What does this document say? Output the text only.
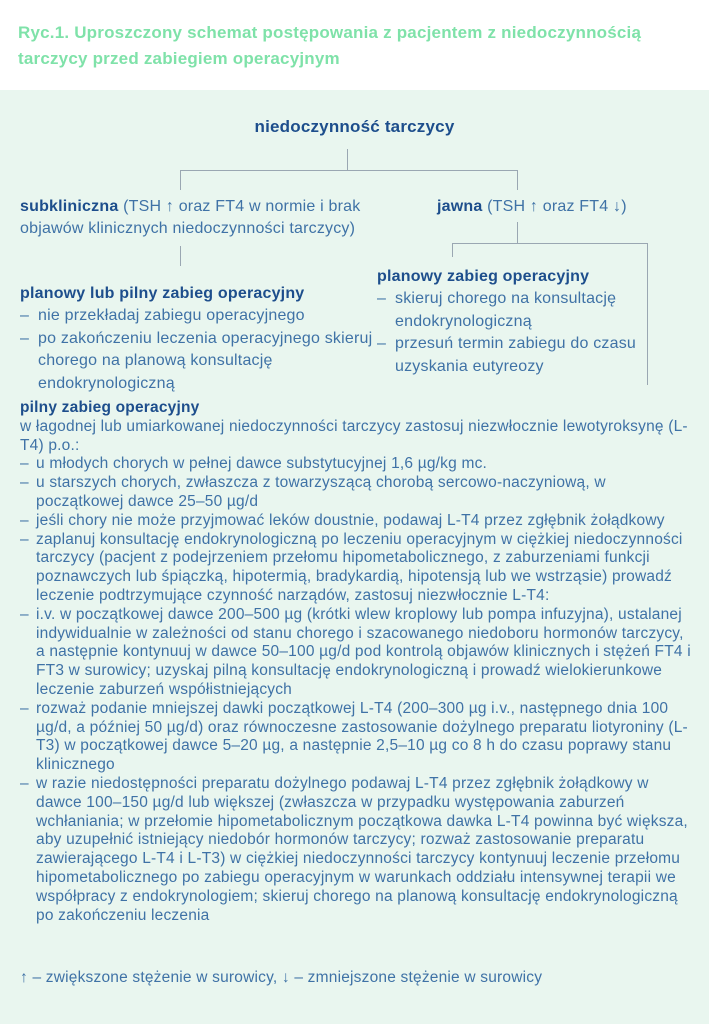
Ryc.1. Uproszczony schemat postępowania z pacjentem z niedoczynnością tarczycy przed zabiegiem operacyjnym
niedoczynność tarczycy
subkliniczna (TSH ↑ oraz FT4 w normie i brak objawów klinicznych niedoczynności tarczycy)
jawna (TSH ↑ oraz FT4 ↓)
planowy lub pilny zabieg operacyjny
– nie przekładaj zabiegu operacyjnego
– po zakończeniu leczenia operacyjnego skieruj chorego na planową konsultację endokrynologiczną
planowy zabieg operacyjny
– skieruj chorego na konsultację endokrynologiczną
– przesuń termin zabiegu do czasu uzyskania eutyreozy
pilny zabieg operacyjny

w łagodnej lub umiarkowanej niedoczynności tarczycy zastosuj niezwłocznie lewotyroksynę (L-T4) p.o.:

– u młodych chorych w pełnej dawce substytucyjnej 1,6 µg/kg mc.
– u starszych chorych, zwłaszcza z towarzyszącą chorobą sercowo-naczyniową, w początkowej dawce 25–50 µg/d
– jeśli chory nie może przyjmować leków doustnie, podawaj L-T4 przez zgłębnik żołądkowy
– zaplanuj konsultację endokrynologiczną po leczeniu operacyjnym w ciężkiej niedoczynności tarczycy (pacjent z podejrzeniem przełomu hipometabolicznego, z zaburzeniami funkcji poznawczych lub śpiączką, hipotermią, bradykardią, hipotensją lub we wstrząsie) prowadź leczenie podtrzymujące czynność narządów, zastosuj niezwłocznie L-T4:
– i.v. w początkowej dawce 200–500 µg (krótki wlew kroplowy lub pompa infuzyjna), ustalanej indywidualnie w zależności od stanu chorego i szacowanego niedoboru hormonów tarczycy, a następnie kontynuuj w dawce 50–100 µg/d pod kontrolą objawów klinicznych i stężeń FT4 i FT3 w surowicy; uzyskaj pilną konsultację endokrynologiczną i prowadź wielokierunkowe leczenie zaburzeń współistniejących
– rozważ podanie mniejszej dawki początkowej L-T4 (200–300 µg i.v., następnego dnia 100 µg/d, a później 50 µg/d) oraz równoczesne zastosowanie dożylnego preparatu liotyroniny (L-T3) w początkowej dawce 5–20 µg, a następnie 2,5–10 µg co 8 h do czasu poprawy stanu klinicznego
– w razie niedostępności preparatu dożylnego podawaj L-T4 przez zgłębnik żołądkowy w dawce 100–150 µg/d lub większej (zwłaszcza w przypadku występowania zaburzeń wchłaniania; w przełomie hipometabolicznym początkowa dawka L-T4 powinna być większa, aby uzupełnić istniejący niedobór hormonów tarczycy; rozważ zastosowanie preparatu zawierającego L-T4 i L-T3) w ciężkiej niedoczynności tarczycy kontynuuj leczenie przełomu hipometabolicznego po zabiegu operacyjnym w warunkach oddziału intensywnej terapii we współpracy z endokrynologiem; skieruj chorego na planową konsultację endokrynologiczną po zakończeniu leczenia
↑ – zwiększone stężenie w surowicy, ↓ – zmniejszone stężenie w surowicy
